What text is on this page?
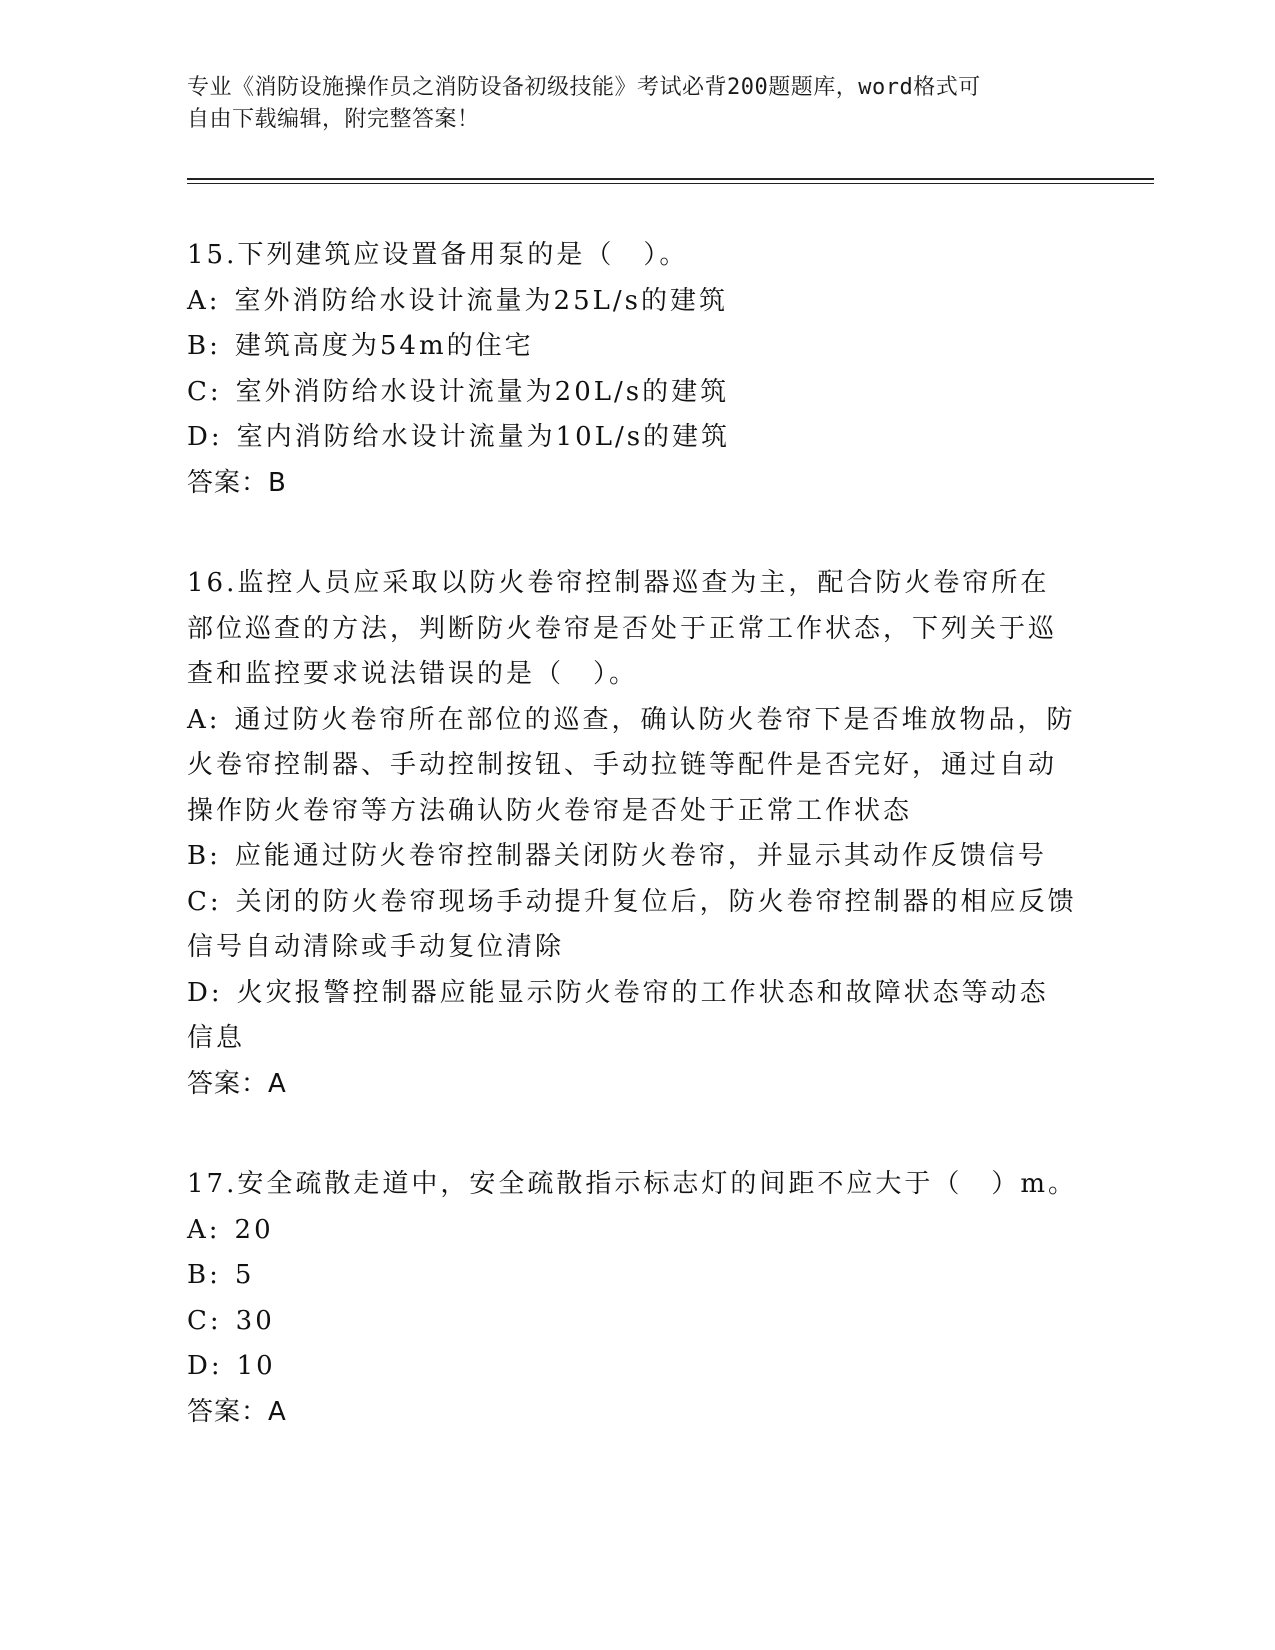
专业《消防设施操作员之消防设备初级技能》考试必背200题题库，word格式可
自由下载编辑，附完整答案！

15.下列建筑应设置备用泵的是（　）。

A: 室外消防给水设计流量为25L/s的建筑

B: 建筑高度为54m的住宅

C: 室外消防给水设计流量为20L/s的建筑

D: 室内消防给水设计流量为10L/s的建筑

答案：B

16.监控人员应采取以防火卷帘控制器巡查为主，配合防火卷帘所在部位巡查的方法，判断防火卷帘是否处于正常工作状态，下列关于巡查和监控要求说法错误的是（　）。

A: 通过防火卷帘所在部位的巡查，确认防火卷帘下是否堆放物品，防火卷帘控制器、手动控制按钮、手动拉链等配件是否完好，通过自动操作防火卷帘等方法确认防火卷帘是否处于正常工作状态

B: 应能通过防火卷帘控制器关闭防火卷帘，并显示其动作反馈信号

C: 关闭的防火卷帘现场手动提升复位后，防火卷帘控制器的相应反馈信号自动清除或手动复位清除

D: 火灾报警控制器应能显示防火卷帘的工作状态和故障状态等动态信息

答案：A

17.安全疏散走道中，安全疏散指示标志灯的间距不应大于（　）m。

A: 20

B: 5

C: 30

D: 10

答案：A
